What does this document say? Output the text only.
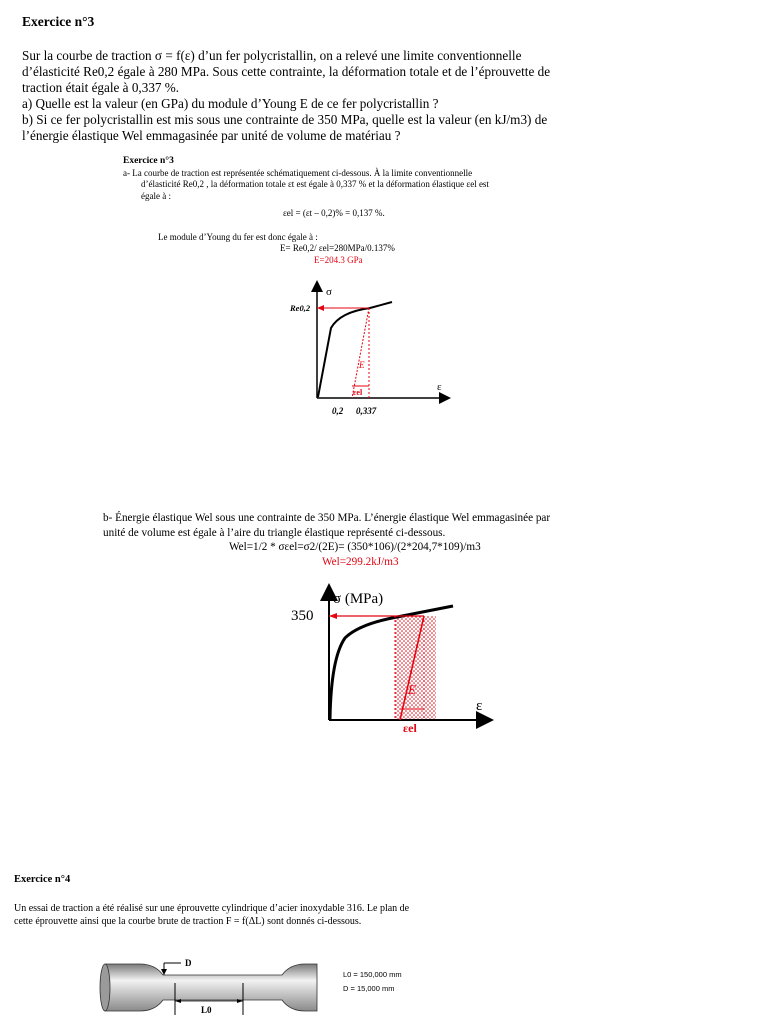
Exercice n°3
Sur la courbe de traction σ = f(ε) d’un fer polycristallin, on a relevé une limite conventionnelle
d’élasticité Re0,2 égale à 280 MPa. Sous cette contrainte, la déformation totale et de l’éprouvette de
traction était égale à 0,337 %.
a) Quelle est la valeur (en GPa) du module d’Young E de ce fer polycristallin ?
b) Si ce fer polycristallin est mis sous une contrainte de 350 MPa, quelle est la valeur (en kJ/m3) de
l’énergie élastique Wel emmagasinée par unité de volume de matériau ?
Exercice n°3
a- La courbe de traction est représentée schématiquement ci-dessous. À la limite conventionnelle
d’élasticité Re0,2 , la déformation totale εt est égale à 0,337 % et la déformation élastique εel est
égale à :
εel = (εt – 0,2)% = 0,137 %.
Le module d’Young du fer est donc égale à :
E= Re0,2/ εel=280MPa/0.137%
E=204.3 GPa
σ
ε
Re0,2
E
εel
0,2 0,337
b- Énergie élastique Wel sous une contrainte de 350 MPa. L’énergie élastique Wel emmagasinée par
unité de volume est égale à l’aire du triangle élastique représenté ci-dessous.
Wel=1/2 * σεel=σ2/(2E)= (350*106)/(2*204,7*109)/m3
Wel=299.2kJ/m3
σ (MPa)
ε
350
E
εel
Exercice n°4
Un essai de traction a été réalisé sur une éprouvette cylindrique d’acier inoxydable 316. Le plan de
cette éprouvette ainsi que la courbe brute de traction F = f(ΔL) sont donnés ci-dessous.
D
L0
L0 = 150,000 mm
D = 15,000 mm
